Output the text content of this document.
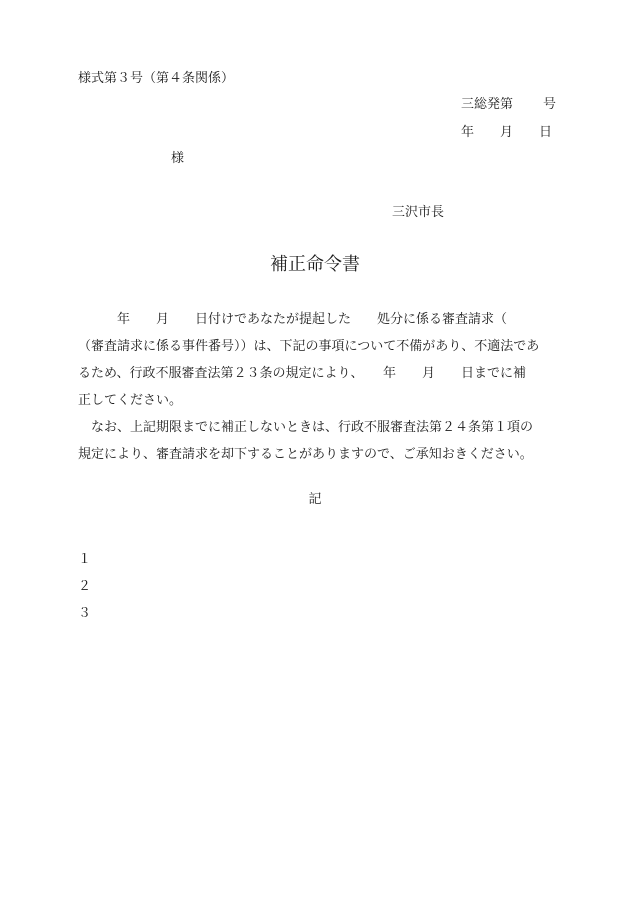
様式第３号（第４条関係）
三総発第 号
年 月 日
様
三沢市長
補正命令書
　　　年　　月　　日付けであなたが提起した　　処分に係る審査請求（
（審査請求に係る事件番号））は、下記の事項について不備があり、不適法であ
るため、行政不服審査法第２３条の規定により、　　年　　月　　日までに補
正してください。
　なお、上記期限までに補正しないときは、行政不服審査法第２４条第１項の
規定により、審査請求を却下することがありますので、ご承知おきください。
記
１
２
３
